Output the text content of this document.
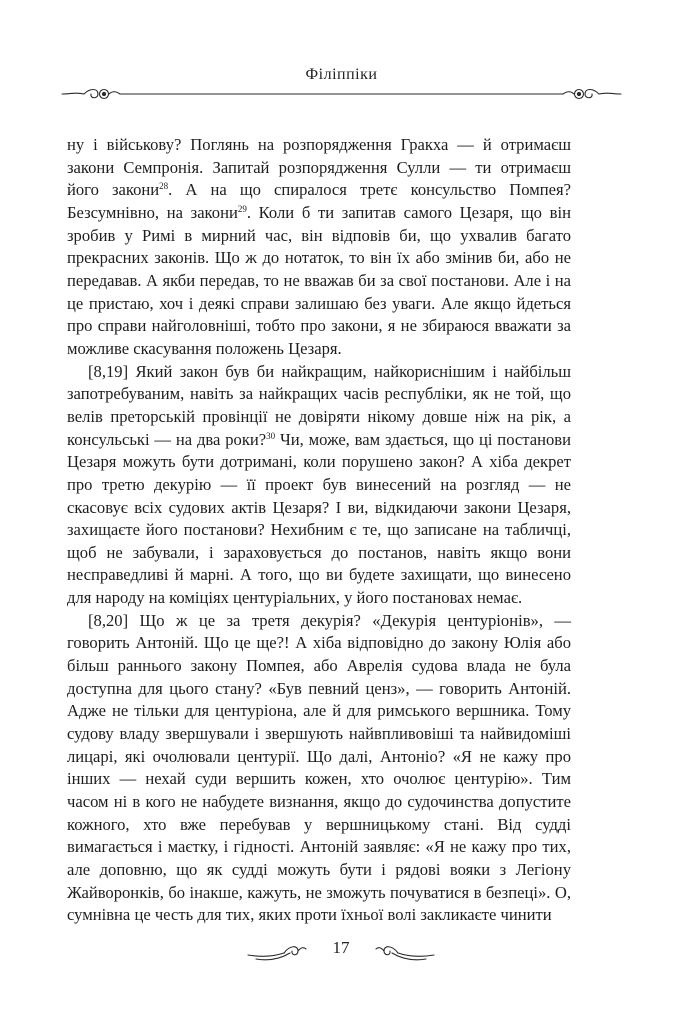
Філіппіки

ну і військову? Поглянь на розпорядження Гракха — й отримаєш закони Семпронія. Запитай розпорядження Сулли — ти отримаєш його закони$^{28}$. А на що спиралося третє консульство Помпея? Безсумнівно, на закони$^{29}$. Коли б ти запитав самого Цезаря, що він зробив у Римі в мирний час, він відповів би, що ухвалив багато прекрасних законів. Що ж до нотаток, то він їх або змінив би, або не передавав. А якби передав, то не вважав би за свої постанови. Але і на це пристаю, хоч і деякі справи залишаю без уваги. Але якщо йдеться про справи найголовніші, тобто про закони, я не збираюся вважати за можливе скасування положень Цезаря.

[8,19] Який закон був би найкращим, найкориснішим і найбільш запотребуваним, навіть за найкращих часів республіки, як не той, що велів преторській провінції не довіряти нікому довше ніж на рік, а консульські — на два роки?$^{30}$ Чи, може, вам здається, що ці постанови Цезаря можуть бути дотримані, коли порушено закон? А хіба декрет про третю декурію — її проект був винесений на розгляд — не скасовує всіх судових актів Цезаря? І ви, відкидаючи закони Цезаря, захищаєте його постанови? Нехибним є те, що записане на табличці, щоб не забували, і зараховується до постанов, навіть якщо вони несправедливі й марні. А того, що ви будете захищати, що винесено для народу на коміціях центуріальних, у його постановах немає.

[8,20] Що ж це за третя декурія? «Декурія центуріонів», — говорить Антоній. Що це ще?! А хіба відповідно до закону Юлія або більш раннього закону Помпея, або Аврелія судова влада не була доступна для цього стану? «Був певний ценз», — говорить Антоній. Адже не тільки для центуріона, але й для римського вершника. Тому судову владу звершували і звершують найвпливовіші та найвидоміші лицарі, які очолювали центурії. Що далі, Антоніо? «Я не кажу про інших — нехай суди вершить кожен, хто очолює центурію». Тим часом ні в кого не набудете визнання, якщо до судочинства допустите кожного, хто вже перебував у вершницькому стані. Від судді вимагається і маєтку, і гідності. Антоній заявляє: «Я не кажу про тих, але доповню, що як судді можуть бути і рядові вояки з Легіону Жайворонків, бо інакше, кажуть, не зможуть почуватися в безпеці». О, сумнівна це честь для тих, яких проти їхньої волі закликаєте чинити

17
